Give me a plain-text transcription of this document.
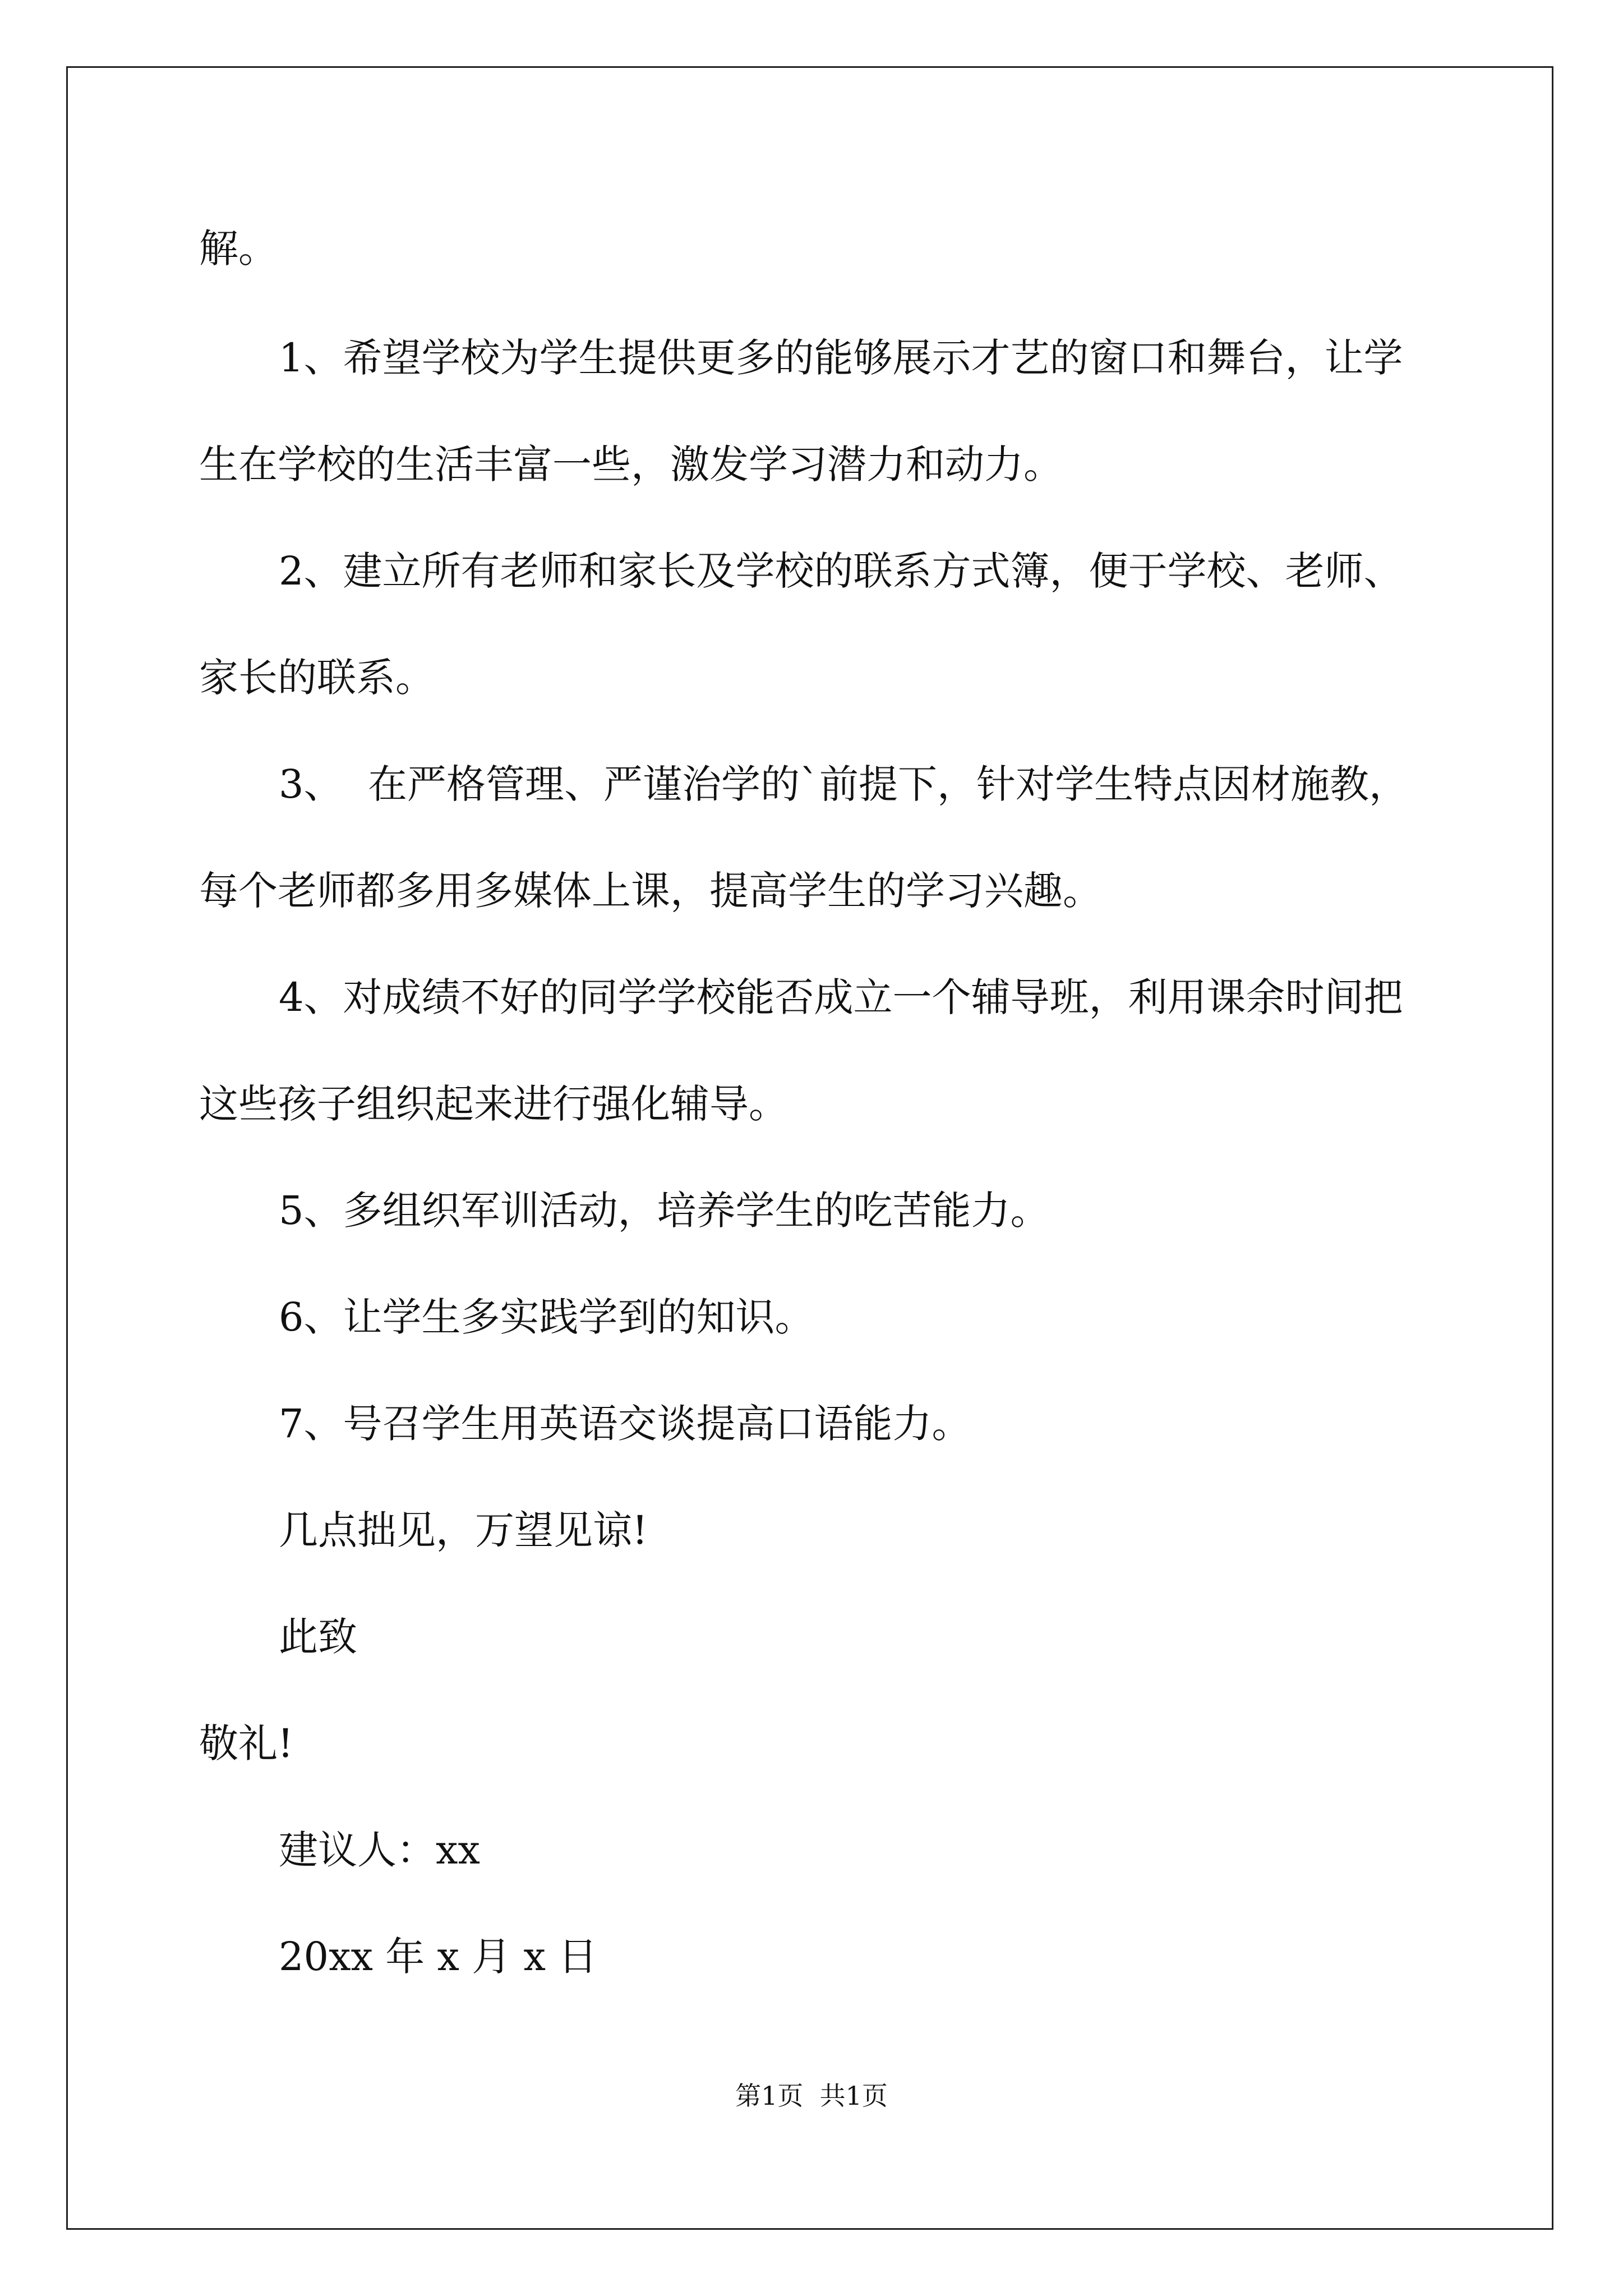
解。

1、希望学校为学生提供更多的能够展示才艺的窗口和舞台，让学

生在学校的生活丰富一些，激发学习潜力和动力。

2、建立所有老师和家长及学校的联系方式簿，便于学校、老师、

家长的联系。

3、  在严格管理、严谨治学的`前提下，针对学生特点因材施教，

每个老师都多用多媒体上课，提高学生的学习兴趣。

4、对成绩不好的同学学校能否成立一个辅导班，利用课余时间把

这些孩子组织起来进行强化辅导。

5、多组织军训活动，培养学生的吃苦能力。

6、让学生多实践学到的知识。

7、号召学生用英语交谈提高口语能力。

几点拙见，万望见谅!

此致

敬礼!

建议人：xx

20xx 年 x 月 x 日

第1页  共1页
